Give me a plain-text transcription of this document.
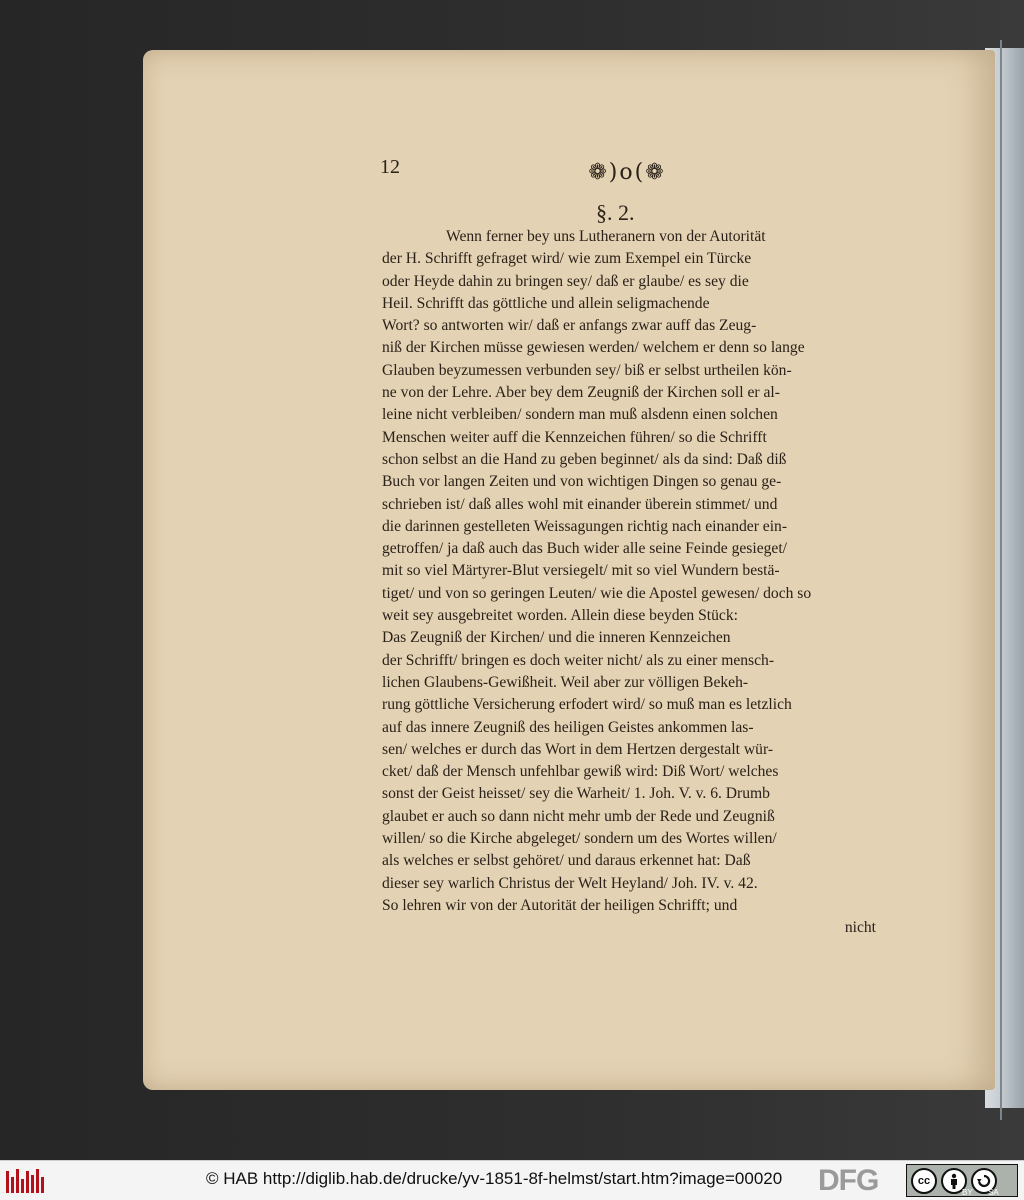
12	❁)o(❁
§. 2.
Wenn ferner bey uns Lutheranern von der Autorität
der H. Schrifft gefraget wird/ wie zum Exempel ein Türcke
oder Heyde dahin zu bringen sey/ daß er glaube/ es sey die
Heil. Schrifft das göttliche und allein seligmachende
Wort? so antworten wir/ daß er anfangs zwar auff das Zeug-
niß der Kirchen müsse gewiesen werden/ welchem er denn so lange
Glauben beyzumessen verbunden sey/ biß er selbst urtheilen kön-
ne von der Lehre. Aber bey dem Zeugniß der Kirchen soll er al-
leine nicht verbleiben/ sondern man muß alsdenn einen solchen
Menschen weiter auff die Kennzeichen führen/ so die Schrifft
schon selbst an die Hand zu geben beginnet/ als da sind: Daß diß
Buch vor langen Zeiten und von wichtigen Dingen so genau ge-
schrieben ist/ daß alles wohl mit einander überein stimmet/ und
die darinnen gestelleten Weissagungen richtig nach einander ein-
getroffen/ ja daß auch das Buch wider alle seine Feinde gesieget/
mit so viel Märtyrer-Blut versiegelt/ mit so viel Wundern bestä-
tiget/ und von so geringen Leuten/ wie die Apostel gewesen/ doch so
weit sey ausgebreitet worden. Allein diese beyden Stück:
Das Zeugniß der Kirchen/ und die inneren Kennzeichen
der Schrifft/ bringen es doch weiter nicht/ als zu einer mensch-
lichen Glaubens-Gewißheit. Weil aber zur völligen Bekeh-
rung göttliche Versicherung erfodert wird/ so muß man es letzlich
auf das innere Zeugniß des heiligen Geistes ankommen las-
sen/ welches er durch das Wort in dem Hertzen dergestalt wür-
cket/ daß der Mensch unfehlbar gewiß wird: Diß Wort/ welches
sonst der Geist heisset/ sey die Warheit/ 1. Joh. V. v. 6. Drumb
glaubet er auch so dann nicht mehr umb der Rede und Zeugniß
willen/ so die Kirche abgeleget/ sondern um des Wortes willen/
als welches er selbst gehöret/ und daraus erkennet hat: Daß
dieser sey warlich Christus der Welt Heyland/ Joh. IV. v. 42.
So lehren wir von der Autorität der heiligen Schrifft; und
nicht
© HAB http://diglib.hab.de/drucke/yv-1851-8f-helmst/start.htm?image=00020 DFG	cc
BY SA
